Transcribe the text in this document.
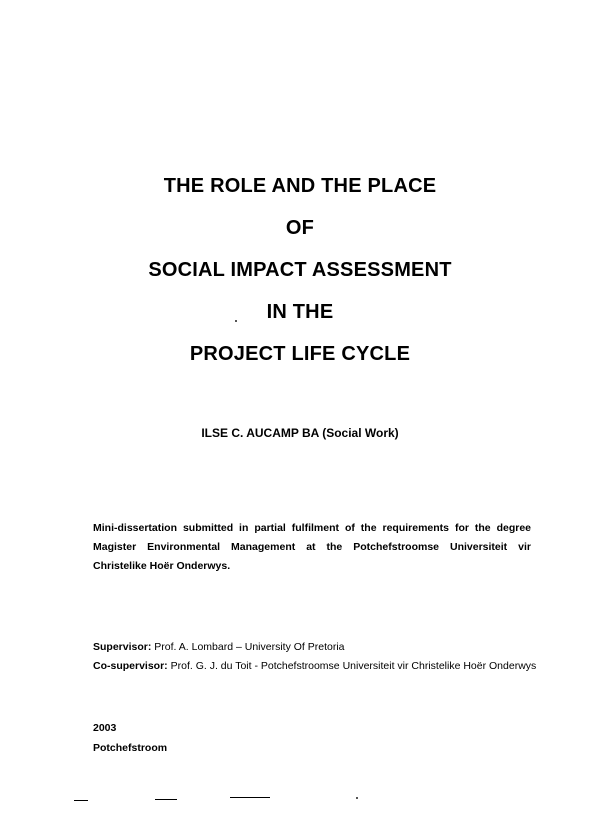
THE ROLE AND THE PLACE
OF
SOCIAL IMPACT ASSESSMENT
IN THE
PROJECT LIFE CYCLE
ILSE C. AUCAMP BA (Social Work)
Mini-dissertation submitted in partial fulfilment of the requirements for the degree Magister Environmental Management at the Potchefstroomse Universiteit vir Christelike Hoër Onderwys.
Supervisor: Prof. A. Lombard – University Of Pretoria
Co-supervisor: Prof. G. J. du Toit - Potchefstroomse Universiteit vir Christelike Hoër Onderwys
2003
Potchefstroom
